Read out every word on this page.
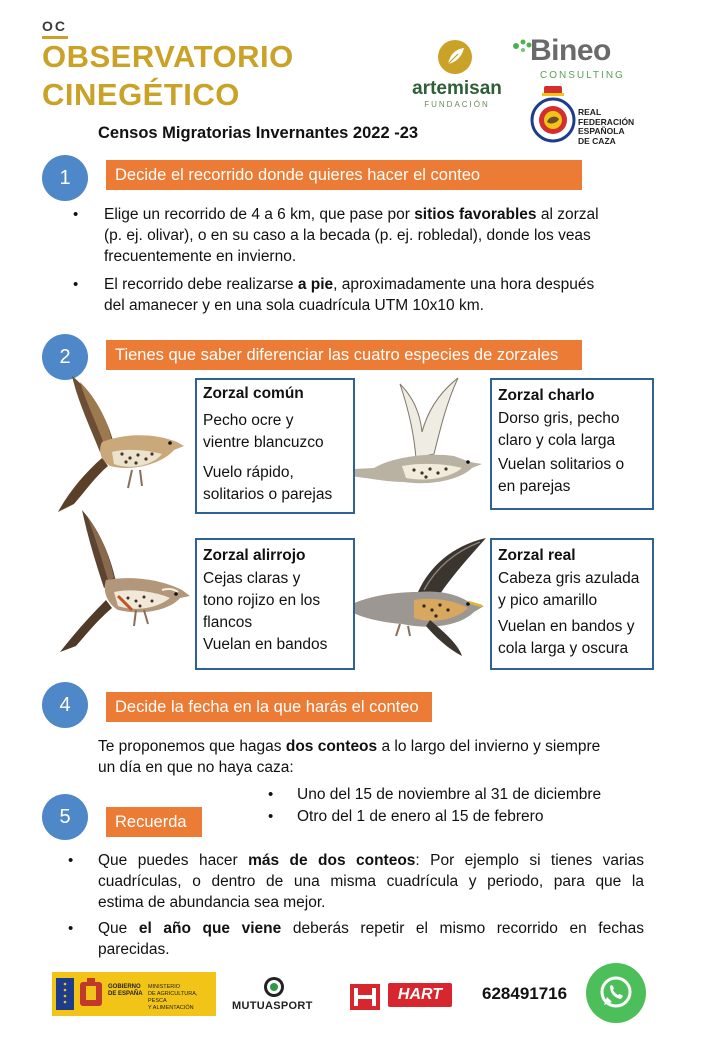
OC
OBSERVATORIO
CINEGÉTICO
Censos Migratorias Invernantes 2022 -23
artemisan
FUNDACIÓN
Bineo
CONSULTING
REAL
FEDERACIÓN
ESPAÑOLA
DE CAZA
1	Decide el recorrido donde quieres hacer el conteo
• Elige un recorrido de 4 a 6 km, que pase por sitios favorables al zorzal
(p. ej. olivar), o en su caso a la becada (p. ej. robledal), donde los veas
frecuentemente en invierno.
• El recorrido debe realizarse a pie, aproximadamente una hora después
del amanecer y en una sola cuadrícula UTM 10x10 km.
2	Tienes que saber diferenciar las cuatro especies de zorzales
Zorzal común
Pecho ocre y
vientre blancuzco
Vuelo rápido,
solitarios o parejas
Zorzal charlo
Dorso gris, pecho
claro y cola larga
Vuelan solitarios o
en parejas
Zorzal alirrojo
Cejas claras y
tono rojizo en los
flancos
Vuelan en bandos
Zorzal real
Cabeza gris azulada
y pico amarillo
Vuelan en bandos y
cola larga y oscura
4	Decide la fecha en la que harás el conteo
Te proponemos que hagas dos conteos a lo largo del invierno y siempre
un día en que no haya caza:
• Uno del 15 de noviembre al 31 de diciembre
• Otro del 1 de enero al 15 de febrero
5	Recuerda
• Que puedes hacer más de dos conteos: Por ejemplo si tienes varias
cuadrículas, o dentro de una misma cuadrícula y periodo, para que la
estima de abundancia sea mejor.
• Que el año que viene deberás repetir el mismo recorrido en fechas
parecidas.
GOBIERNO
DE ESPAÑA
MINISTERIO
DE AGRICULTURA, PESCA
Y ALIMENTACIÓN	MUTUASPORT
HART	628491716
